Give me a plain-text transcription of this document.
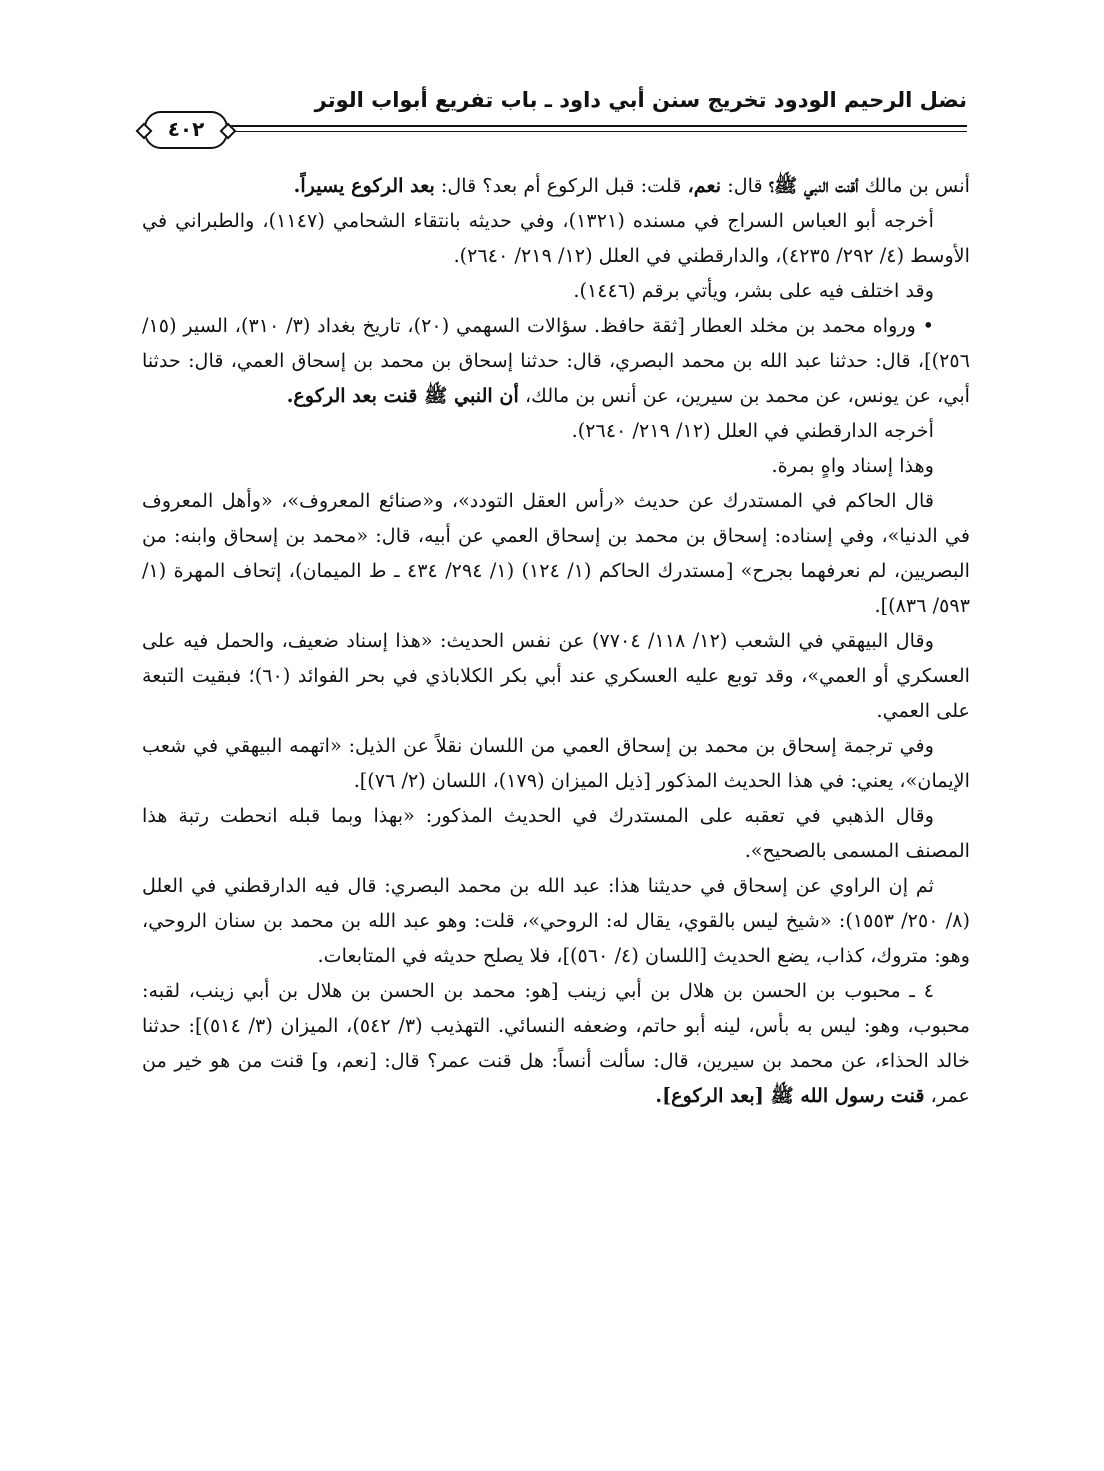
نضل الرحيم الودود تخريج سنن أبي داود ـ باب تفريع أبواب الوتر
٤٠٢

أنس بن مالك أقنت النبي ﷺ؟ قال: نعم، قلت: قبل الركوع أم بعد؟ قال: بعد الركوع يسيراً.

أخرجه أبو العباس السراج في مسنده (١٣٢١)، وفي حديثه بانتقاء الشحامي (١١٤٧)، والطبراني في الأوسط (٤/ ٢٩٢/ ٤٢٣٥)، والدارقطني في العلل (١٢/ ٢١٩/ ٢٦٤٠).

وقد اختلف فيه على بشر، ويأتي برقم (١٤٤٦).

• ورواه محمد بن مخلد العطار [ثقة حافظ. سؤالات السهمي (٢٠)، تاريخ بغداد (٣/ ٣١٠)، السير (١٥/ ٢٥٦)]، قال: حدثنا عبد الله بن محمد البصري، قال: حدثنا إسحاق بن محمد بن إسحاق العمي، قال: حدثنا أبي، عن يونس، عن محمد بن سيرين، عن أنس بن مالك، أن النبي ﷺ قنت بعد الركوع.

أخرجه الدارقطني في العلل (١٢/ ٢١٩/ ٢٦٤٠).

وهذا إسناد واهٍ بمرة.

قال الحاكم في المستدرك عن حديث «رأس العقل التودد»، و«صنائع المعروف»، «وأهل المعروف في الدنيا»، وفي إسناده: إسحاق بن محمد بن إسحاق العمي عن أبيه، قال: «محمد بن إسحاق وابنه: من البصريين، لم نعرفهما بجرح» [مستدرك الحاكم (١/ ١٢٤) (١/ ٢٩٤/ ٤٣٤ ـ ط الميمان)، إتحاف المهرة (١/ ٥٩٣/ ٨٣٦)].

وقال البيهقي في الشعب (١٢/ ١١٨/ ٧٧٠٤) عن نفس الحديث: «هذا إسناد ضعيف، والحمل فيه على العسكري أو العمي»، وقد توبع عليه العسكري عند أبي بكر الكلاباذي في بحر الفوائد (٦٠)؛ فبقيت التبعة على العمي.

وفي ترجمة إسحاق بن محمد بن إسحاق العمي من اللسان نقلاً عن الذيل: «اتهمه البيهقي في شعب الإيمان»، يعني: في هذا الحديث المذكور [ذيل الميزان (١٧٩)، اللسان (٢/ ٧٦)].

وقال الذهبي في تعقبه على المستدرك في الحديث المذكور: «بهذا وبما قبله انحطت رتبة هذا المصنف المسمى بالصحيح».

ثم إن الراوي عن إسحاق في حديثنا هذا: عبد الله بن محمد البصري: قال فيه الدارقطني في العلل (٨/ ٢٥٠/ ١٥٥٣): «شيخ ليس بالقوي، يقال له: الروحي»، قلت: وهو عبد الله بن محمد بن سنان الروحي، وهو: متروك، كذاب، يضع الحديث [اللسان (٤/ ٥٦٠)]، فلا يصلح حديثه في المتابعات.

٤ ـ محبوب بن الحسن بن هلال بن أبي زينب [هو: محمد بن الحسن بن هلال بن أبي زينب، لقبه: محبوب، وهو: ليس به بأس، لينه أبو حاتم، وضعفه النسائي. التهذيب (٣/ ٥٤٢)، الميزان (٣/ ٥١٤)]: حدثنا خالد الحذاء، عن محمد بن سيرين، قال: سألت أنساً: هل قنت عمر؟ قال: [نعم، و] قنت من هو خير من عمر، قنت رسول الله ﷺ [بعد الركوع].
